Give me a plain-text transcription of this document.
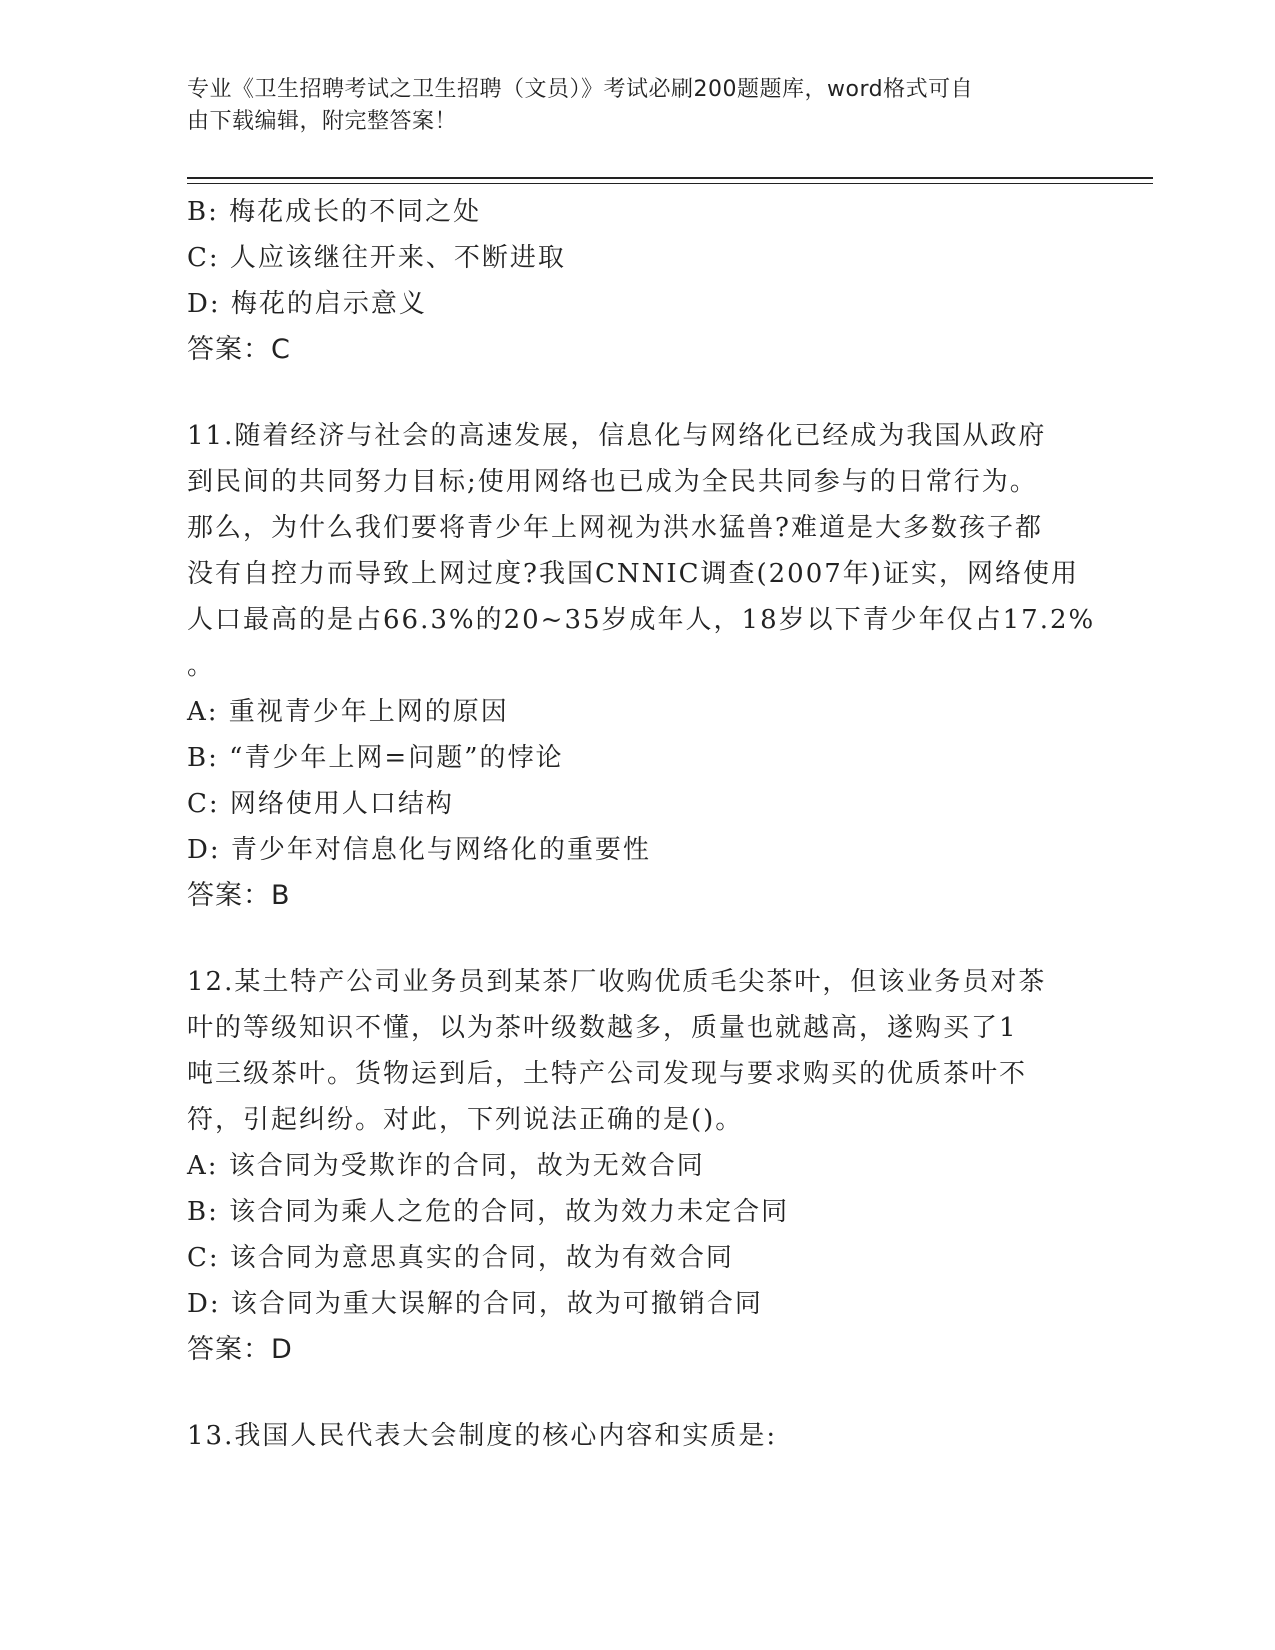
专业《卫生招聘考试之卫生招聘（文员）》考试必刷200题题库，word格式可自
由下载编辑，附完整答案！
B: 梅花成长的不同之处
C: 人应该继往开来、不断进取
D: 梅花的启示意义
答案：C
11.随着经济与社会的高速发展，信息化与网络化已经成为我国从政府
到民间的共同努力目标;使用网络也已成为全民共同参与的日常行为。
那么，为什么我们要将青少年上网视为洪水猛兽?难道是大多数孩子都
没有自控力而导致上网过度?我国CNNIC调查(2007年)证实，网络使用
人口最高的是占66.3%的20~35岁成年人，18岁以下青少年仅占17.2%
。
A: 重视青少年上网的原因
B: “青少年上网=问题”的悖论
C: 网络使用人口结构
D: 青少年对信息化与网络化的重要性
答案：B
12.某土特产公司业务员到某茶厂收购优质毛尖茶叶，但该业务员对茶
叶的等级知识不懂，以为茶叶级数越多，质量也就越高，遂购买了1
吨三级茶叶。货物运到后，土特产公司发现与要求购买的优质茶叶不
符，引起纠纷。对此，下列说法正确的是()。
A: 该合同为受欺诈的合同，故为无效合同
B: 该合同为乘人之危的合同，故为效力未定合同
C: 该合同为意思真实的合同，故为有效合同
D: 该合同为重大误解的合同，故为可撤销合同
答案：D
13.我国人民代表大会制度的核心内容和实质是:
